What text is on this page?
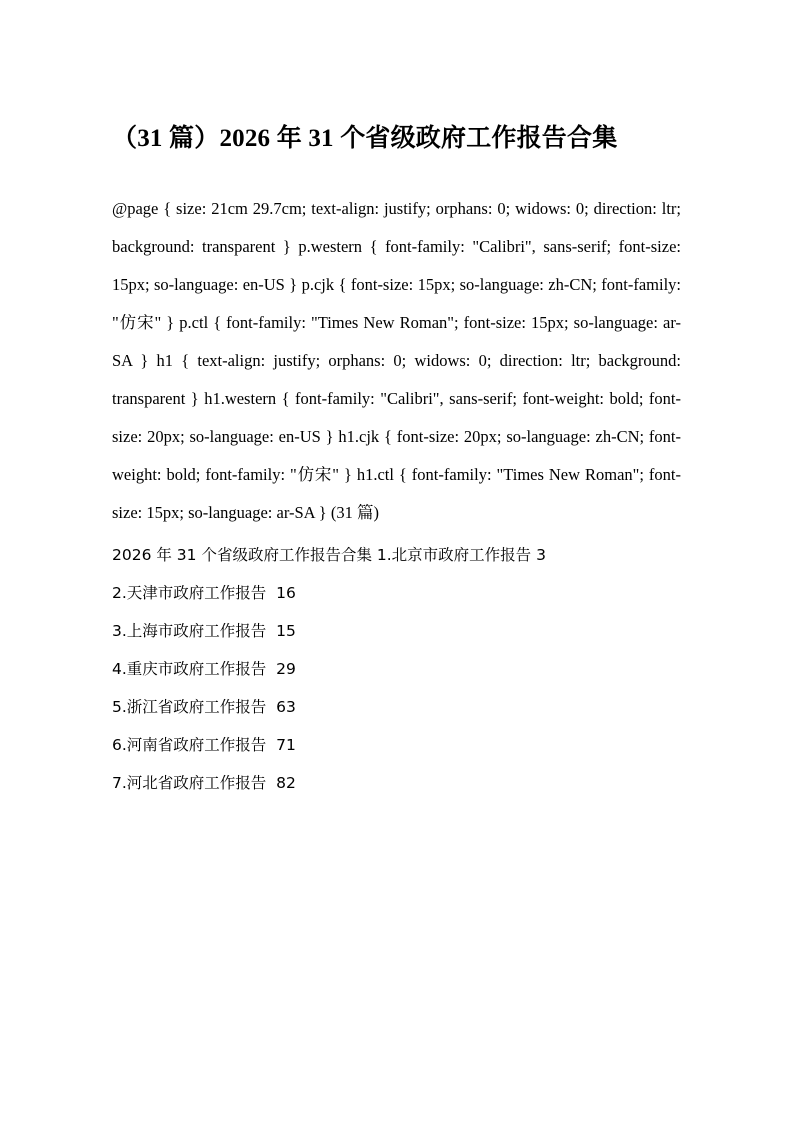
（31 篇）2026 年 31 个省级政府工作报告合集

@page { size: 21cm 29.7cm; text-align: justify; orphans: 0; widows: 0; direction: ltr; background: transparent } p.western { font-family: "Calibri", sans-serif; font-size: 15px; so-language: en-US } p.cjk { font-size: 15px; so-language: zh-CN; font-family: "仿宋" } p.ctl { font-family: "Times New Roman"; font-size: 15px; so-language: ar-SA } h1 { text-align: justify; orphans: 0; widows: 0; direction: ltr; background: transparent } h1.western { font-family: "Calibri", sans-serif; font-weight: bold; font-size: 20px; so-language: en-US } h1.cjk { font-size: 20px; so-language: zh-CN; font-weight: bold; font-family: "仿宋" } h1.ctl { font-family: "Times New Roman"; font-size: 15px; so-language: ar-SA } (31 篇)

2026 年 31 个省级政府工作报告合集 1.北京市政府工作报告 3

2.天津市政府工作报告  16

3.上海市政府工作报告  15

4.重庆市政府工作报告  29

5.浙江省政府工作报告  63

6.河南省政府工作报告  71

7.河北省政府工作报告  82
